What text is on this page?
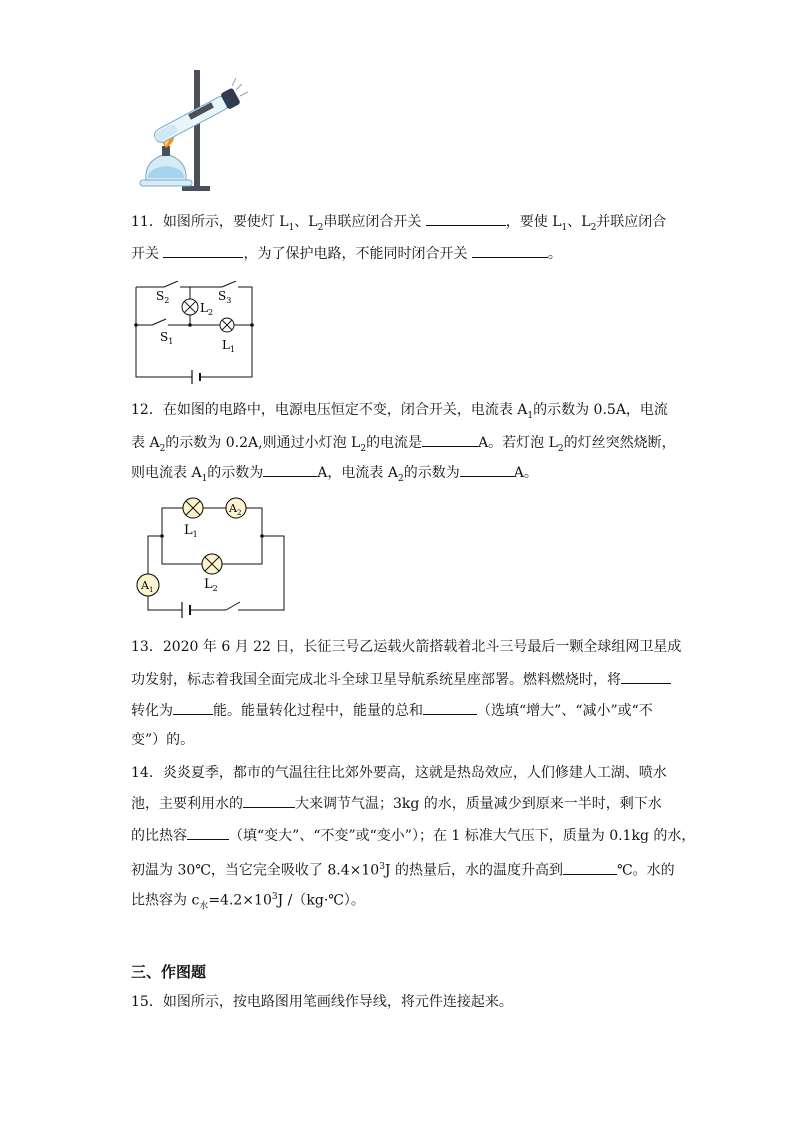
11．如图所示，要使灯 $L_1$、$L_2$串联应闭合开关	，要使 $L_1$、$L_2$并联应闭合
开关	，为了保护电路，不能同时闭合开关	。
$S_2$	$S_3$
$L_2$
$S_1$	$L_1$
12．在如图的电路中，电源电压恒定不变，闭合开关，电流表 $A_1$的示数为 0.5A，电流
表 $A_2$的示数为 0.2A,则通过小灯泡 $L_2$的电流是	A。若灯泡 $L_2$的灯丝突然烧断，
则电流表 $A_1$的示数为	A，电流表 $A_2$的示数为	A。
$A_2$
$A_1$
$L_1$
$L_2$
13．2020 年 6 月 22 日，长征三号乙运载火箭搭载着北斗三号最后一颗全球组网卫星成
功发射，标志着我国全面完成北斗全球卫星导航系统星座部署。燃料燃烧时，将
转化为	能。能量转化过程中，能量的总和	（选填“增大”、“减小”或“不
变”）的。
14．炎炎夏季，都市的气温往往比郊外要高，这就是热岛效应，人们修建人工湖、喷水
池，主要利用水的	大来调节气温；3kg 的水，质量减少到原来一半时，剩下水
的比热容	（填“变大”、“不变”或“变小”）；在 1 标准大气压下，质量为 0.1kg 的水，
初温为 30℃，当它完全吸收了 $8.4\times 10^3J$ 的热量后，水的温度升高到	℃。水的
比热容为 $c_水=4.2\times 10^3J$ /（kg·℃）。
三、作图题
15．如图所示，按电路图用笔画线作导线，将元件连接起来。
